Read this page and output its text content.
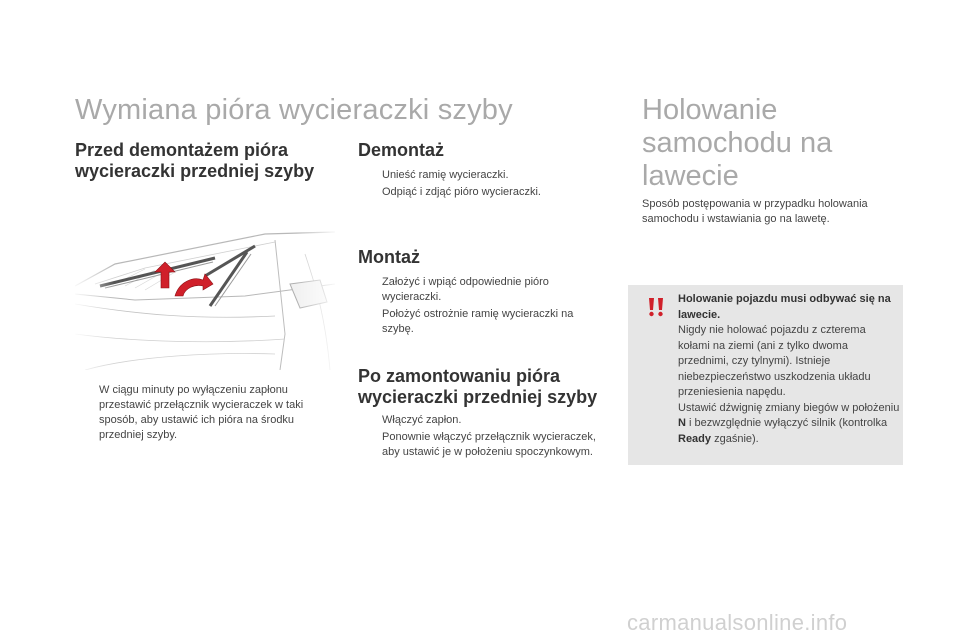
Wymiana pióra wycieraczki szyby
Przed demontażem pióra wycieraczki przedniej szyby
W ciągu minuty po wyłączeniu zapłonu przestawić przełącznik wycieraczek w taki sposób, aby ustawić ich pióra na środku przedniej szyby.
Demontaż
Unieść ramię wycieraczki.
Odpiąć i zdjąć pióro wycieraczki.
Montaż
Założyć i wpiąć odpowiednie pióro wycieraczki.
Położyć ostrożnie ramię wycieraczki na szybę.
Po zamontowaniu pióra wycieraczki przedniej szyby
Włączyć zapłon.
Ponownie włączyć przełącznik wycieraczek, aby ustawić je w położeniu spoczynkowym.
Holowanie samochodu na lawecie
Sposób postępowania w przypadku holowania samochodu i wstawiania go na lawetę.
Holowanie pojazdu musi odbywać się na lawecie.
Nigdy nie holować pojazdu z czterema kołami na ziemi (ani z tylko dwoma przednimi, czy tylnymi). Istnieje niebezpieczeństwo uszkodzenia układu przeniesienia napędu.
Ustawić dźwignię zmiany biegów w położeniu N i bezwzględnie wyłączyć silnik (kontrolka Ready zgaśnie).
carmanualsonline.info
